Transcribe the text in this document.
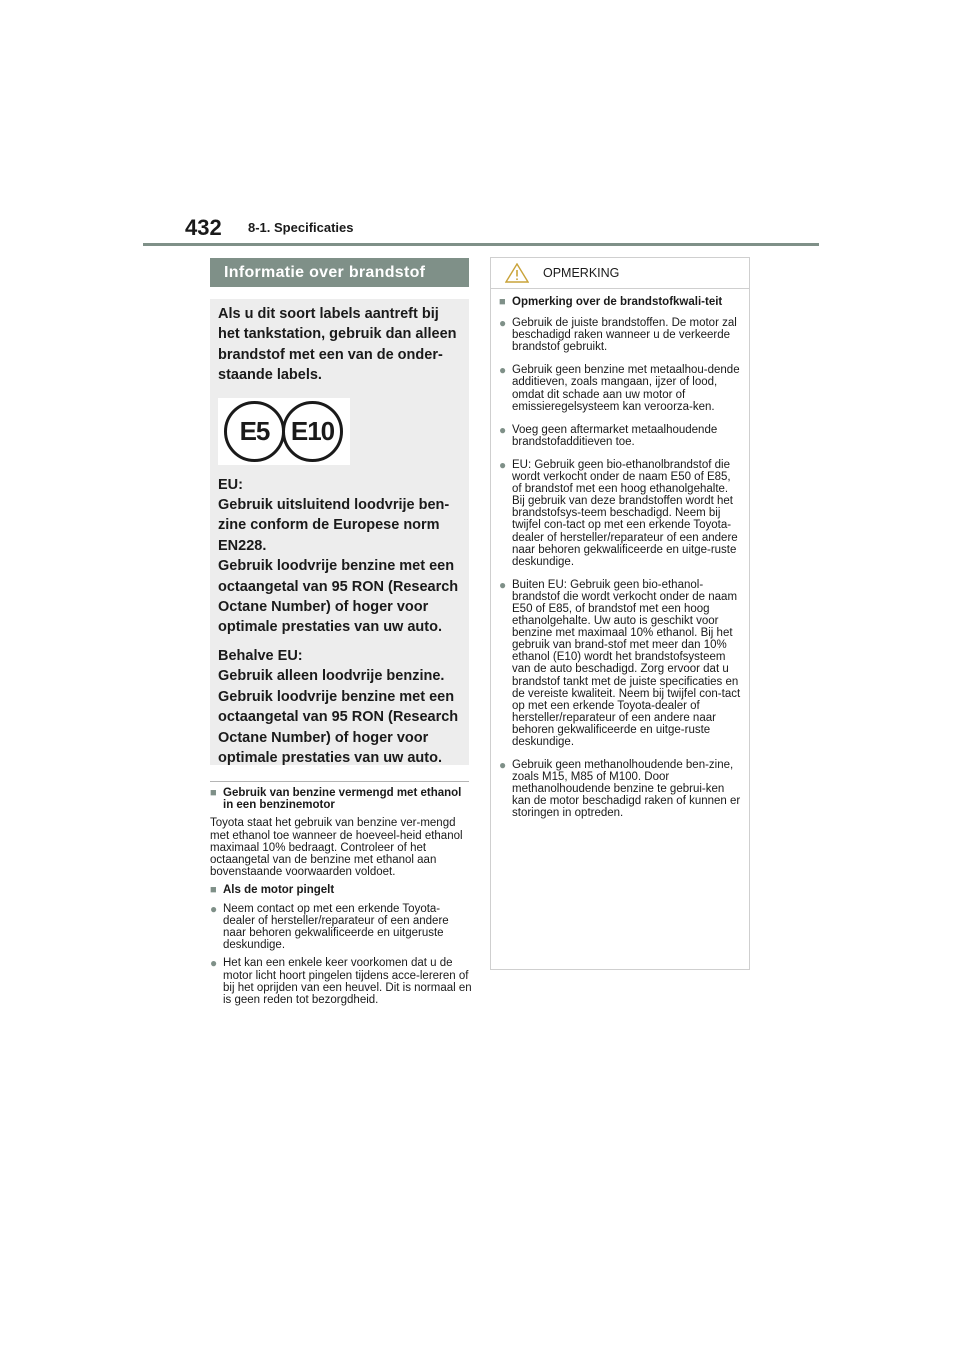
432 8-1. Specificaties
Informatie over brandstof

Als u dit soort labels aantreft bij het tankstation, gebruik dan alleen brandstof met een van de onder-staande labels.

E5 E10

EU:
Gebruik uitsluitend loodvrije ben-zine conform de Europese norm EN228.
Gebruik loodvrije benzine met een octaangetal van 95 RON (Research Octane Number) of hoger voor optimale prestaties van uw auto.

Behalve EU:
Gebruik alleen loodvrije benzine.
Gebruik loodvrije benzine met een octaangetal van 95 RON (Research Octane Number) of hoger voor optimale prestaties van uw auto.

■ Gebruik van benzine vermengd met ethanol in een benzinemotor

Toyota staat het gebruik van benzine ver-mengd met ethanol toe wanneer de hoeveel-heid ethanol maximaal 10% bedraagt. Controleer of het octaangetal van de benzine met ethanol aan bovenstaande voorwaarden voldoet.

■ Als de motor pingelt

● Neem contact op met een erkende Toyota-dealer of hersteller/reparateur of een andere naar behoren gekwalificeerde en uitgeruste deskundige.

● Het kan een enkele keer voorkomen dat u de motor licht hoort pingelen tijdens acce-lereren of bij het oprijden van een heuvel. Dit is normaal en is geen reden tot bezorgdheid.

OPMERKING
■ Opmerking over de brandstofkwali-teit
● Gebruik de juiste brandstoffen. De motor zal beschadigd raken wanneer u de verkeerde brandstof gebruikt.
● Gebruik geen benzine met metaalhou-dende additieven, zoals mangaan, ijzer of lood, omdat dit schade aan uw motor of emissieregelsysteem kan veroorza-ken.
● Voeg geen aftermarket metaalhoudende brandstofadditieven toe.
● EU: Gebruik geen bio-ethanolbrandstof die wordt verkocht onder de naam E50 of E85, of brandstof met een hoog ethanolgehalte. Bij gebruik van deze brandstoffen wordt het brandstofsys-teem beschadigd. Neem bij twijfel con-tact op met een erkende Toyota-dealer of hersteller/reparateur of een andere naar behoren gekwalificeerde en uitge-ruste deskundige.
● Buiten EU: Gebruik geen bio-ethanol-brandstof die wordt verkocht onder de naam E50 of E85, of brandstof met een hoog ethanolgehalte. Uw auto is geschikt voor benzine met maximaal 10% ethanol. Bij het gebruik van brand-stof met meer dan 10% ethanol (E10) wordt het brandstofsysteem van de auto beschadigd. Zorg ervoor dat u brandstof tankt met de juiste specificaties en de vereiste kwaliteit. Neem bij twijfel con-tact op met een erkende Toyota-dealer of hersteller/reparateur of een andere naar behoren gekwalificeerde en uitge-ruste deskundige.
● Gebruik geen methanolhoudende ben-zine, zoals M15, M85 of M100. Door methanolhoudende benzine te gebrui-ken kan de motor beschadigd raken of kunnen er storingen in optreden.
